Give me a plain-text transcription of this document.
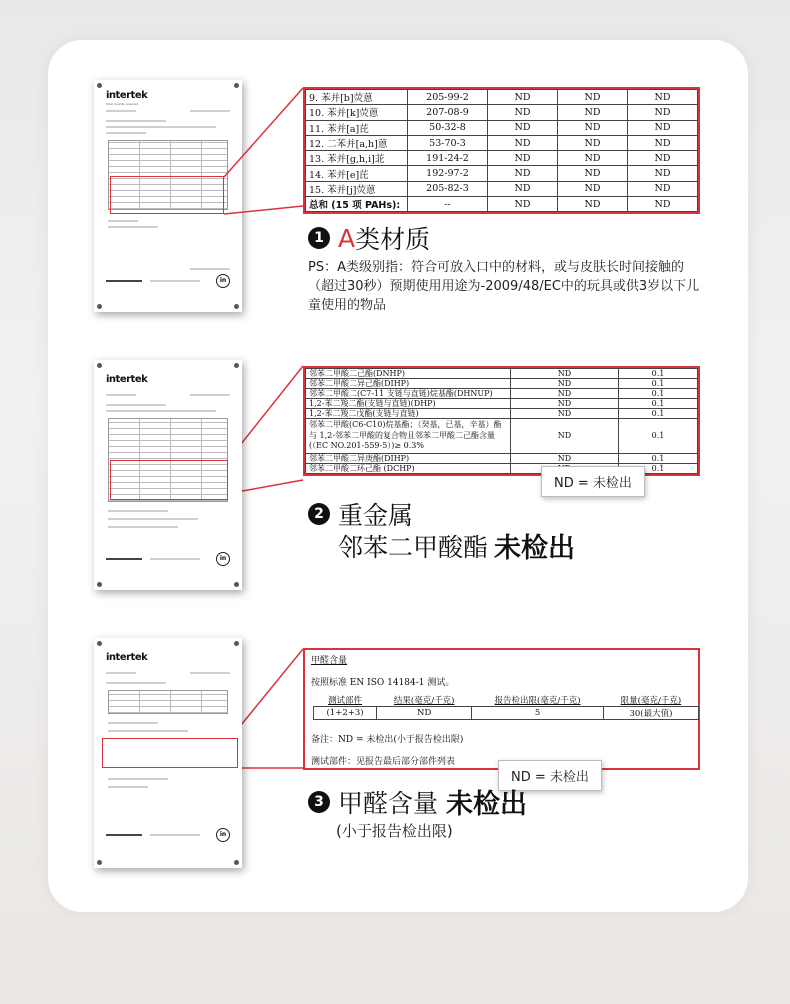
intertek
Total Quality. Assured.
in
9. 苯并[b]荧蒽	205-99-2	ND	ND	ND
10. 苯并[k]荧蒽	207-08-9	ND	ND	ND
11. 苯并[a]芘	50-32-8	ND	ND	ND
12. 二苯并[a,h]蒽	53-70-3	ND	ND	ND
13. 苯并[g,h,i]苝	191-24-2	ND	ND	ND
14. 苯并[e]芘	192-97-2	ND	ND	ND
15. 苯并[j]荧蒽	205-82-3	ND	ND	ND
总和 (15 项 PAHs):	--	ND	ND	ND
1 A 类材质
PS：A类级别指：符合可放入口中的材料，或与皮肤长时间接触的（超过30秒）预期使用用途为-2009/48/EC中的玩具或供3岁以下儿童使用的物品
intertek
in
邻苯二甲酸二己酯(DNHP)	ND	0.1
邻苯二甲酸二异己酯(DIHP)	ND	0.1
邻苯二甲酸二(C7-11 支链与直链)烷基酯(DHNUP)	ND	0.1
1,2-苯二羧二酯(支链与直链)(DHP)	ND	0.1
1,2-苯二羧二戊酯(支链与直链)	ND	0.1
邻苯二甲酸(C6-C10)烷基酯；（癸基，已基，辛基）酯与 1,2-邻苯二甲酸的复合物且邻苯二甲酸二己酯含量(（EC NO.201-559-5）)≥ 0.3%	ND	0.1
邻苯二甲酸二异庚酯(DIHP)	ND	0.1
邻苯二甲酸二环己酯 (DCHP)		0.1
ND = 未检出
2 重金属
邻苯二甲酸酯 未检出
intertek
in
甲醛含量
按照标准 EN ISO 14184-1 测试。
测试部件	结果(毫克/千克)	报告检出限(毫克/千克)	限量(毫克/千克)
(1+2+3)	ND	5	30(最大值)
备注：ND = 未检出(小于报告检出限)
测试部件：见报告最后部分部件列表
ND = 未检出
3 甲醛含量 未检出
(小于报告检出限)
